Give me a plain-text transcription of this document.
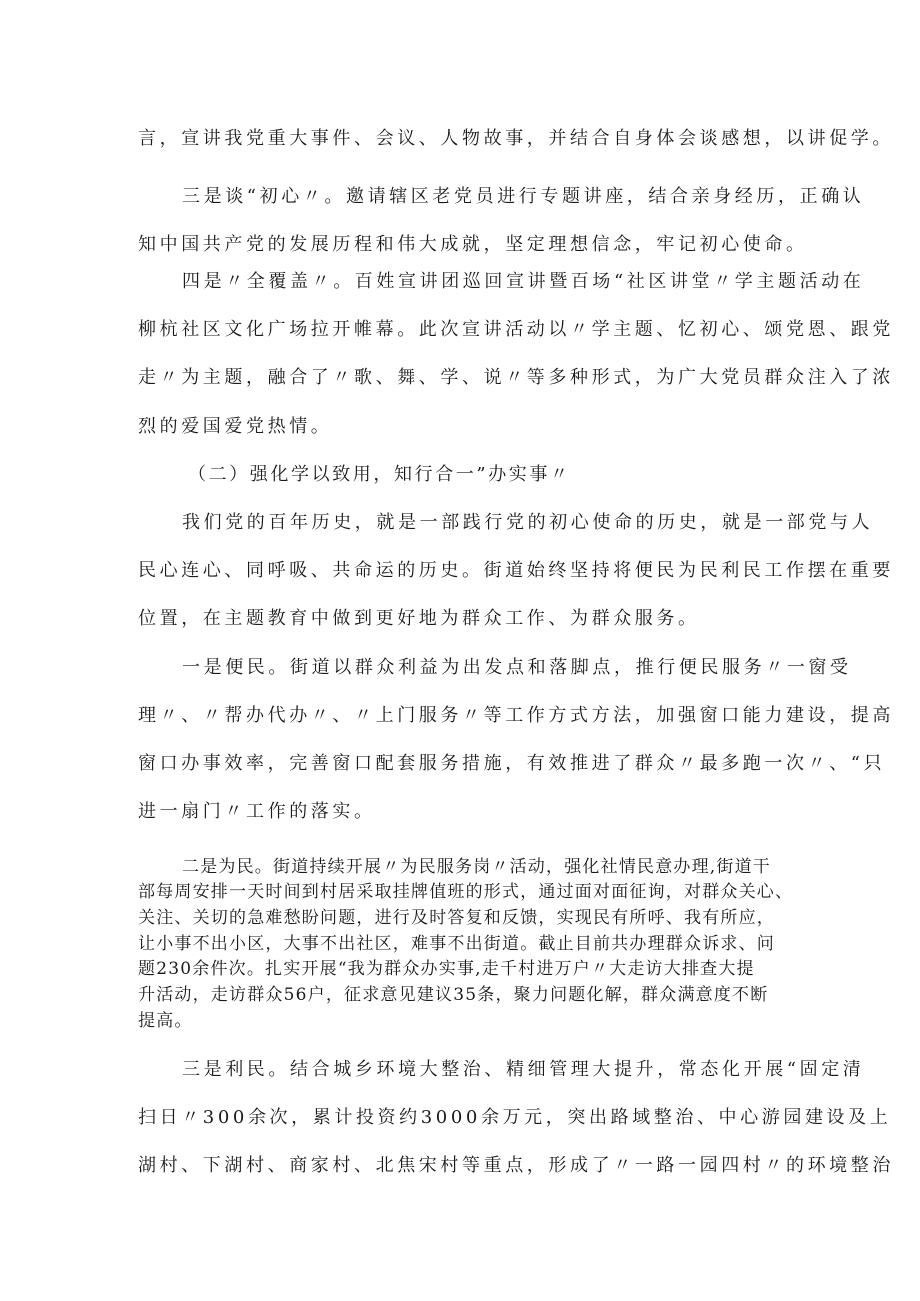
言，宣讲我党重大事件、会议、人物故事，并结合自身体会谈感想，以讲促学。
三是谈“初心〃。邀请辖区老党员进行专题讲座，结合亲身经历，正确认
知中国共产党的发展历程和伟大成就，坚定理想信念，牢记初心使命。
四是〃全覆盖〃。百姓宣讲团巡回宣讲暨百场“社区讲堂〃学主题活动在
柳杭社区文化广场拉开帷幕。此次宣讲活动以〃学主题、忆初心、颂党恩、跟党
走〃为主题，融合了〃歌、舞、学、说〃等多种形式，为广大党员群众注入了浓
烈的爱国爱党热情。
（二）强化学以致用，知行合一”办实事〃
我们党的百年历史，就是一部践行党的初心使命的历史，就是一部党与人
民心连心、同呼吸、共命运的历史。街道始终坚持将便民为民利民工作摆在重要
位置，在主题教育中做到更好地为群众工作、为群众服务。
一是便民。街道以群众利益为出发点和落脚点，推行便民服务〃一窗受
理〃、〃帮办代办〃、〃上门服务〃等工作方式方法，加强窗口能力建设，提高
窗口办事效率，完善窗口配套服务措施，有效推进了群众〃最多跑一次〃、“只
进一扇门〃工作的落实。
二是为民。街道持续开展〃为民服务岗〃活动，强化社情民意办理,街道干
部每周安排一天时间到村居采取挂牌值班的形式，通过面对面征询，对群众关心、
关注、关切的急难愁盼问题，进行及时答复和反馈，实现民有所呼、我有所应，
让小事不出小区，大事不出社区，难事不出街道。截止目前共办理群众诉求、问
题230余件次。扎实开展“我为群众办实事,走千村进万户〃大走访大排查大提
升活动，走访群众56户，征求意见建议35条，聚力问题化解，群众满意度不断
提高。
三是利民。结合城乡环境大整治、精细管理大提升，常态化开展“固定清
扫日〃300余次，累计投资约3000余万元，突出路域整治、中心游园建设及上
湖村、下湖村、商家村、北焦宋村等重点，形成了〃一路一园四村〃的环境整治
